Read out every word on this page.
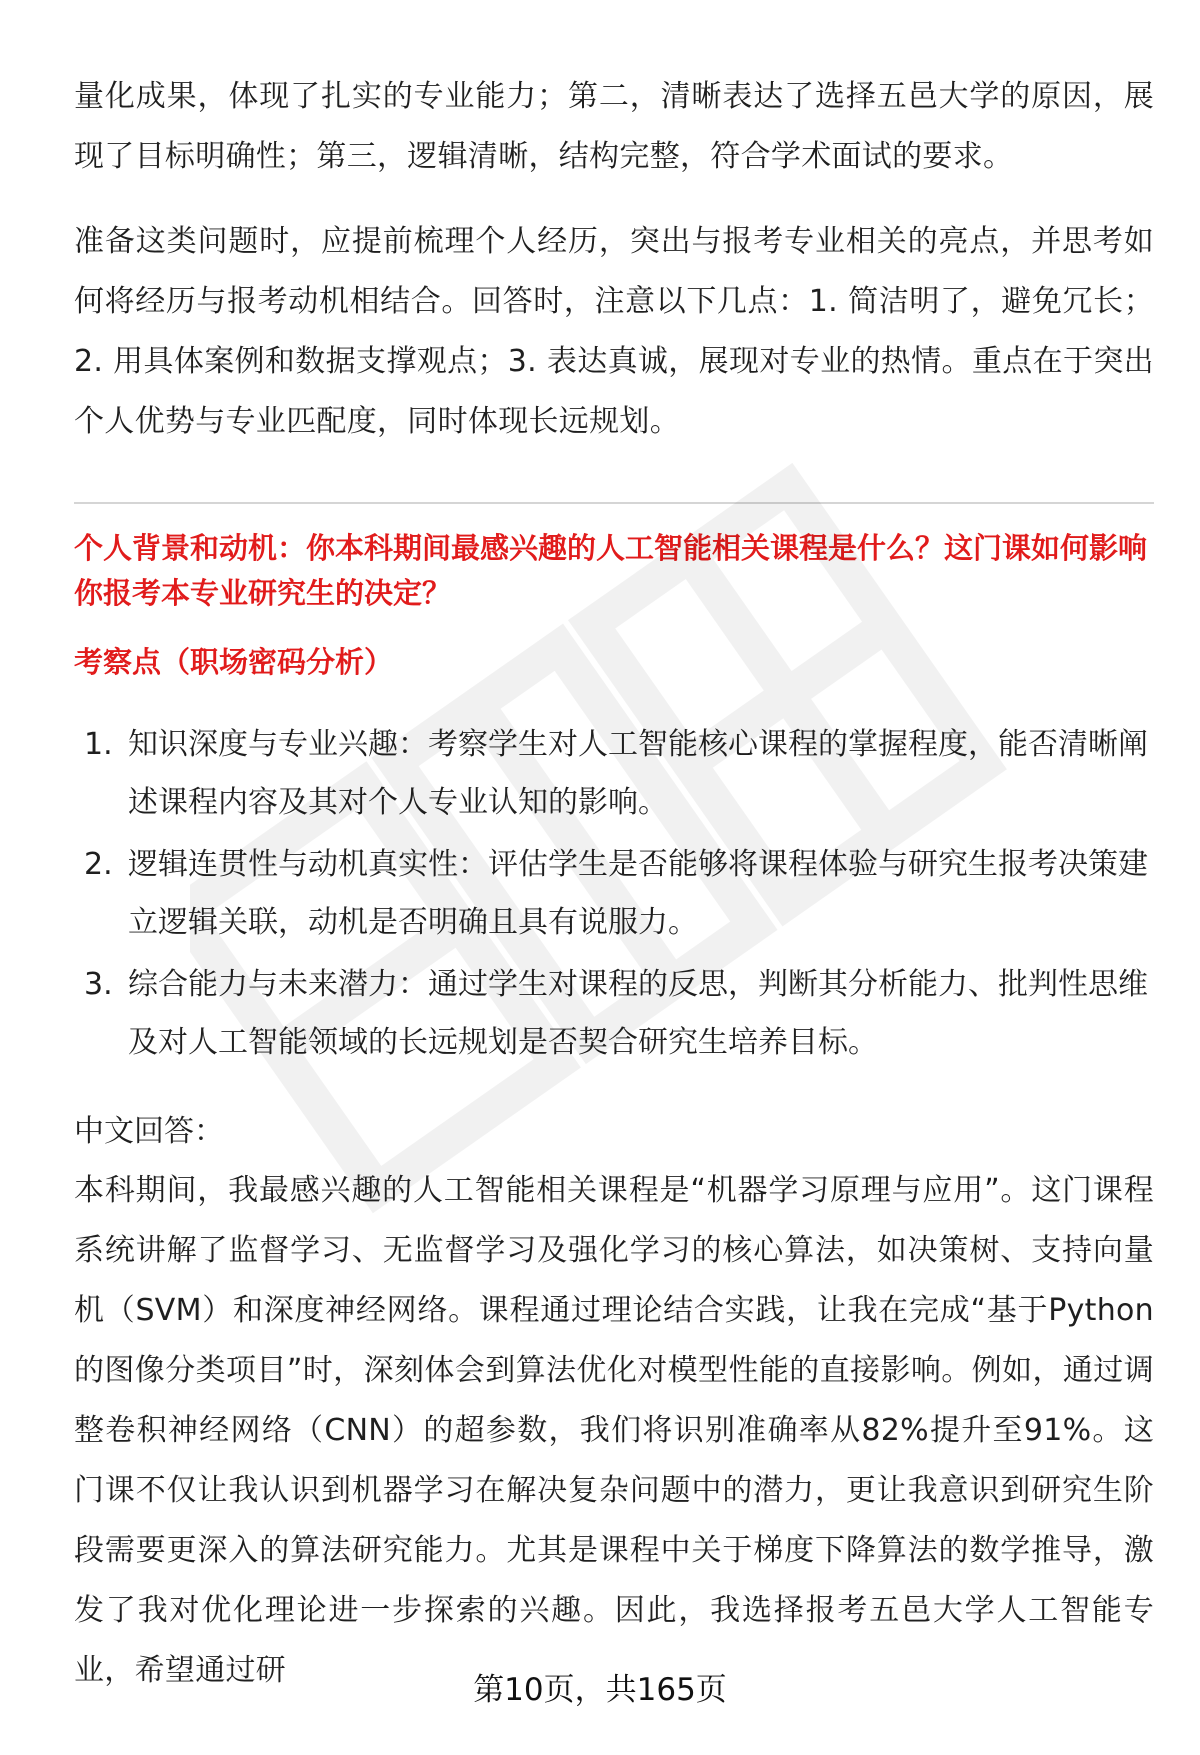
量化成果，体现了扎实的专业能力；第二，清晰表达了选择五邑大学的原因，展现了目标明确性；第三，逻辑清晰，结构完整，符合学术面试的要求。

准备这类问题时，应提前梳理个人经历，突出与报考专业相关的亮点，并思考如何将经历与报考动机相结合。回答时，注意以下几点：1. 简洁明了，避免冗长；2. 用具体案例和数据支撑观点；3. 表达真诚，展现对专业的热情。重点在于突出个人优势与专业匹配度，同时体现长远规划。

个人背景和动机：你本科期间最感兴趣的人工智能相关课程是什么？这门课如何影响你报考本专业研究生的决定？

考察点（职场密码分析）

1. 知识深度与专业兴趣：考察学生对人工智能核心课程的掌握程度，能否清晰阐述课程内容及其对个人专业认知的影响。
2. 逻辑连贯性与动机真实性：评估学生是否能够将课程体验与研究生报考决策建立逻辑关联，动机是否明确且具有说服力。
3. 综合能力与未来潜力：通过学生对课程的反思，判断其分析能力、批判性思维及对人工智能领域的长远规划是否契合研究生培养目标。

中文回答：

本科期间，我最感兴趣的人工智能相关课程是“机器学习原理与应用”。这门课程系统讲解了监督学习、无监督学习及强化学习的核心算法，如决策树、支持向量机（SVM）和深度神经网络。课程通过理论结合实践，让我在完成“基于Python的图像分类项目”时，深刻体会到算法优化对模型性能的直接影响。例如，通过调整卷积神经网络（CNN）的超参数，我们将识别准确率从82%提升至91%。这门课不仅让我认识到机器学习在解决复杂问题中的潜力，更让我意识到研究生阶段需要更深入的算法研究能力。尤其是课程中关于梯度下降算法的数学推导，激发了我对优化理论进一步探索的兴趣。因此，我选择报考五邑大学人工智能专业，希望通过研

第10页，共165页
